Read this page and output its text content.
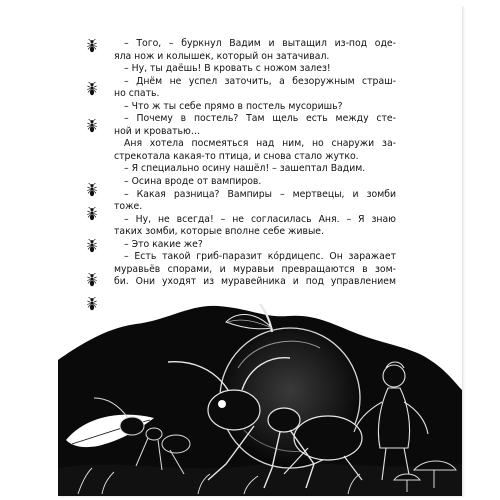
– Того, – буркнул Вадим и вытащил из-под оде-
яла нож и колышек, который он затачивал.
– Ну, ты даёшь! В кровать с ножом залез!
– Днём не успел заточить, а безоружным страш-
но спать.
– Что ж ты себе прямо в постель мусоришь?
– Почему в постель? Там щель есть между сте-
ной и кроватью…
Аня хотела посмеяться над ним, но снаружи за-
стрекотала какая-то птица, и снова стало жутко.
– Я специально осину нашёл! – зашептал Вадим.
– Осина вроде от вампиров.
– Какая разница? Вампиры – мертвецы, и зомби
тоже.
– Ну, не всегда! – не согласилась Аня. – Я знаю
таких зомби, которые вполне себе живые.
– Это какие же?
– Есть такой гриб-паразит кóрдицепс. Он заражает
муравьёв спорами, и муравьи превращаются в зом-
би. Они уходят из муравейника и под управлением
